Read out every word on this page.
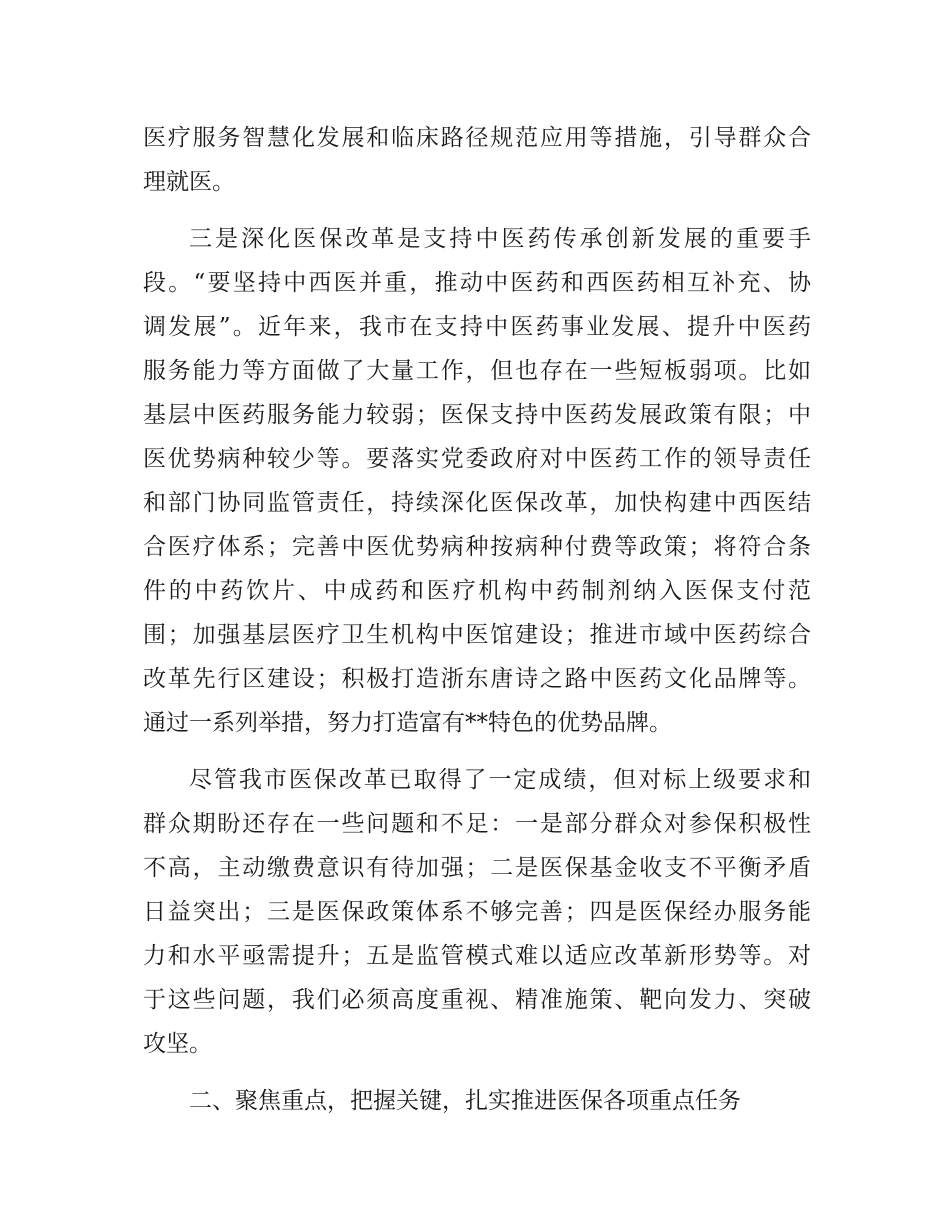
医疗服务智慧化发展和临床路径规范应用等措施，引导群众合
理就医。
三是深化医保改革是支持中医药传承创新发展的重要手
段。“要坚持中西医并重，推动中医药和西医药相互补充、协
调发展”。近年来，我市在支持中医药事业发展、提升中医药
服务能力等方面做了大量工作，但也存在一些短板弱项。比如
基层中医药服务能力较弱；医保支持中医药发展政策有限；中
医优势病种较少等。要落实党委政府对中医药工作的领导责任
和部门协同监管责任，持续深化医保改革，加快构建中西医结
合医疗体系；完善中医优势病种按病种付费等政策；将符合条
件的中药饮片、中成药和医疗机构中药制剂纳入医保支付范
围；加强基层医疗卫生机构中医馆建设；推进市域中医药综合
改革先行区建设；积极打造浙东唐诗之路中医药文化品牌等。
通过一系列举措，努力打造富有**特色的优势品牌。
尽管我市医保改革已取得了一定成绩，但对标上级要求和
群众期盼还存在一些问题和不足：一是部分群众对参保积极性
不高，主动缴费意识有待加强；二是医保基金收支不平衡矛盾
日益突出；三是医保政策体系不够完善；四是医保经办服务能
力和水平亟需提升；五是监管模式难以适应改革新形势等。对
于这些问题，我们必须高度重视、精准施策、靶向发力、突破
攻坚。
二、聚焦重点，把握关键，扎实推进医保各项重点任务
